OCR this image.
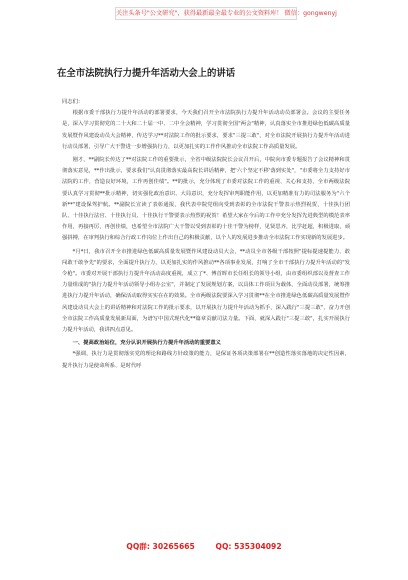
关注头条号"公文研究"，获得最新最全最专业的公文资料库！ 微信：gongwenyj
在全市法院执行力提升年活动大会上的讲话

同志们：

根据市委干部执行力提升年活动的部署要求，今天我们召开全市法院执行力提升年活动动员部署会。会议的主要任务是，深入学习贯彻党的二十大和二十届一中、二中全会精神，学习贯彻全国"两会"精神，认真落实全市推进绿色低碳高质量发展暨作风建设动员大会精神，传达学习**对法院工作的批示要求，要求"三提三敢"，对全市法院开展执行力提升年活动进行动员部署，引导广大干警进一步增强执行力，以更加扎实的工作作风推动全市法院工作高质量发展。

刚才，**副院长传达了**对法院工作的重要批示，全省中级法院院长会议召开后，中院向市委专题报告了会议精神和贯彻落实意见，**作出批示，要求我们"认真贯彻落实最高院长讲话精神，把'六个坚定不移'落到实处"，"市委将全力支持好市法院的工作，营造良好环境，工作再创佳绩"。**的批示，充分体现了市委对法院工作的重视、关心和支持，全市两级法院要认真学习贯彻**批示精神，切实强化政治意识、大局意识，充分发挥审判职能作用，以更加精准有力的司法服务为"六个新**"建设保驾护航。**副院长宣读了表彰通报，我代表中院党组向受到表彰的全市法院干警表示热烈祝贺，十佳执行团队、十佳执行法官、十佳执行员、十佳执行干警要表示热烈的祝贺！希望大家在今后的工作中充分发挥先进典型的模范表率作用，再接再厉，再创佳绩，也希望全市法院广大干警以受到表彰的十佳干警为榜样，见贤思齐，比学赶超，积极进取，顽强拼搏，在审判执行和综合行政工作岗位上作出自己的积极贡献，以个人的发展进步推动全市法院工作实现新的发展进步。

*月*日，我市召开全市推进绿色低碳高质量发展暨作风建设动员大会，**动员全市各级干部按照"提标提速提能力、敢闯敢干敢争先"的要求，全面提升执行力，以更加扎实的作风推动**各项事业发展，打响了全市干部执行力提升年活动的"发令枪"。市委对开展干部执行力提升年活动高度重视，成立了*、傅首晖市长任组长的领导小组，由市委组织部以及督查工作力量组成的"执行力提升年活动领导小组办公室"，并制定了发展规划方案，以具体工作项目为载体，全面动员部署，统筹推进执行力提升年活动，确保活动取得实实在在的效果。全市两级法院要深入学习贯彻**在全市推进绿色低碳高质量发展暨作风建设动员大会上的讲话精神和对法院工作的批示要求，以开展执行力提升年活动为抓手，深入践行"三提三敢"，奋力开创全市法院工作高质量发展新局面，为谱写中国式现代化**篇章贡献司法力量。下面，就深入践行"三提三敢"，扎实开展执行力提升年活动，我讲四点意见。

一、提高政治站位，充分认识开展执行力提升年活动的重要意义

*强调，执行力是贯彻落实党的理论和路线方针政策的能力，是保证各项决策部署在**创造性落实落地的决定性因素，提升执行力是使命所系、是时代呼

QQ群: 30265665	QQ: 535304092
